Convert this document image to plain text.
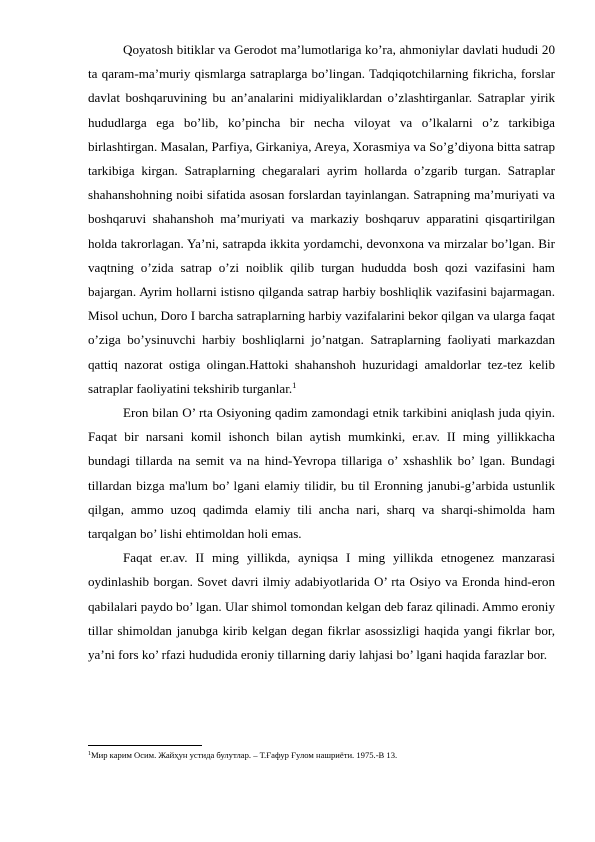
Qoyatosh bitiklar va Gerodot ma’lumotlariga ko’ra, ahmoniylar davlati hududi 20 ta qaram-ma’muriy qismlarga satraplarga bo’lingan. Tadqiqotchilarning fikricha, forslar davlat boshqaruvining bu an’analarini midiyaliklardan o’zlashtirganlar. Satraplar yirik hududlarga ega bo’lib, ko’pincha bir necha viloyat va o’lkalarni o’z tarkibiga birlashtirgan. Masalan, Parfiya, Girkaniya, Areya, Xorasmiya va So’g’diyona bitta satrap tarkibiga kirgan. Satraplarning chegaralari ayrim hollarda o’zgarib turgan. Satraplar shahanshohning noibi sifatida asosan forslardan tayinlangan. Satrapning ma’muriyati va boshqaruvi shahanshoh ma’muriyati va markaziy boshqaruv apparatini qisqartirilgan holda takrorlagan. Ya’ni, satrapda ikkita yordamchi, devonxona va mirzalar bo’lgan. Bir vaqtning o’zida satrap o’zi noiblik qilib turgan hududda bosh qozi vazifasini ham bajargan. Ayrim hollarni istisno qilganda satrap harbiy boshliqlik vazifasini bajarmagan. Misol uchun, Doro I barcha satraplarning harbiy vazifalarini bekor qilgan va ularga faqat o’ziga bo’ysinuvchi harbiy boshliqlarni jo’natgan. Satraplarning faoliyati markazdan qattiq nazorat ostiga olingan.Hattoki shahanshoh huzuridagi amaldorlar tez-tez kelib satraplar faoliyatini tekshirib turganlar.$^1$

Eron bilan O’ rta Osiyoning qadim zamondagi etnik tarkibini aniqlash juda qiyin. Faqat bir narsani komil ishonch bilan aytish mumkinki, er.av. II ming yillikkacha bundagi tillarda na semit va na hind-Yevropa tillariga o’ xshashlik bo’ lgan. Bundagi tillardan bizga ma'lum bo’ lgani elamiy tilidir, bu til Eronning janubi-g’arbida ustunlik qilgan, ammo uzoq qadimda elamiy tili ancha nari, sharq va sharqi-shimolda ham tarqalgan bo’ lishi ehtimoldan holi emas.

Faqat er.av. II ming yillikda, ayniqsa I ming yillikda etnogenez manzarasi oydinlashib borgan. Sovet davri ilmiy adabiyotlarida O’ rta Osiyo va Eronda hind-eron qabilalari paydo bo’ lgan. Ular shimol tomondan kelgan deb faraz qilinadi. Ammo eroniy tillar shimoldan janubga kirib kelgan degan fikrlar asossizligi haqida yangi fikrlar bor, ya’ni fors ko’ rfazi hududida eroniy tillarning dariy lahjasi bo’ lgani haqida farazlar bor.

$^1$Мир карим Осим. Жайҳун устида булутлар. – Т.Ғафур Ғулом нашриёти. 1975.-В 13.
